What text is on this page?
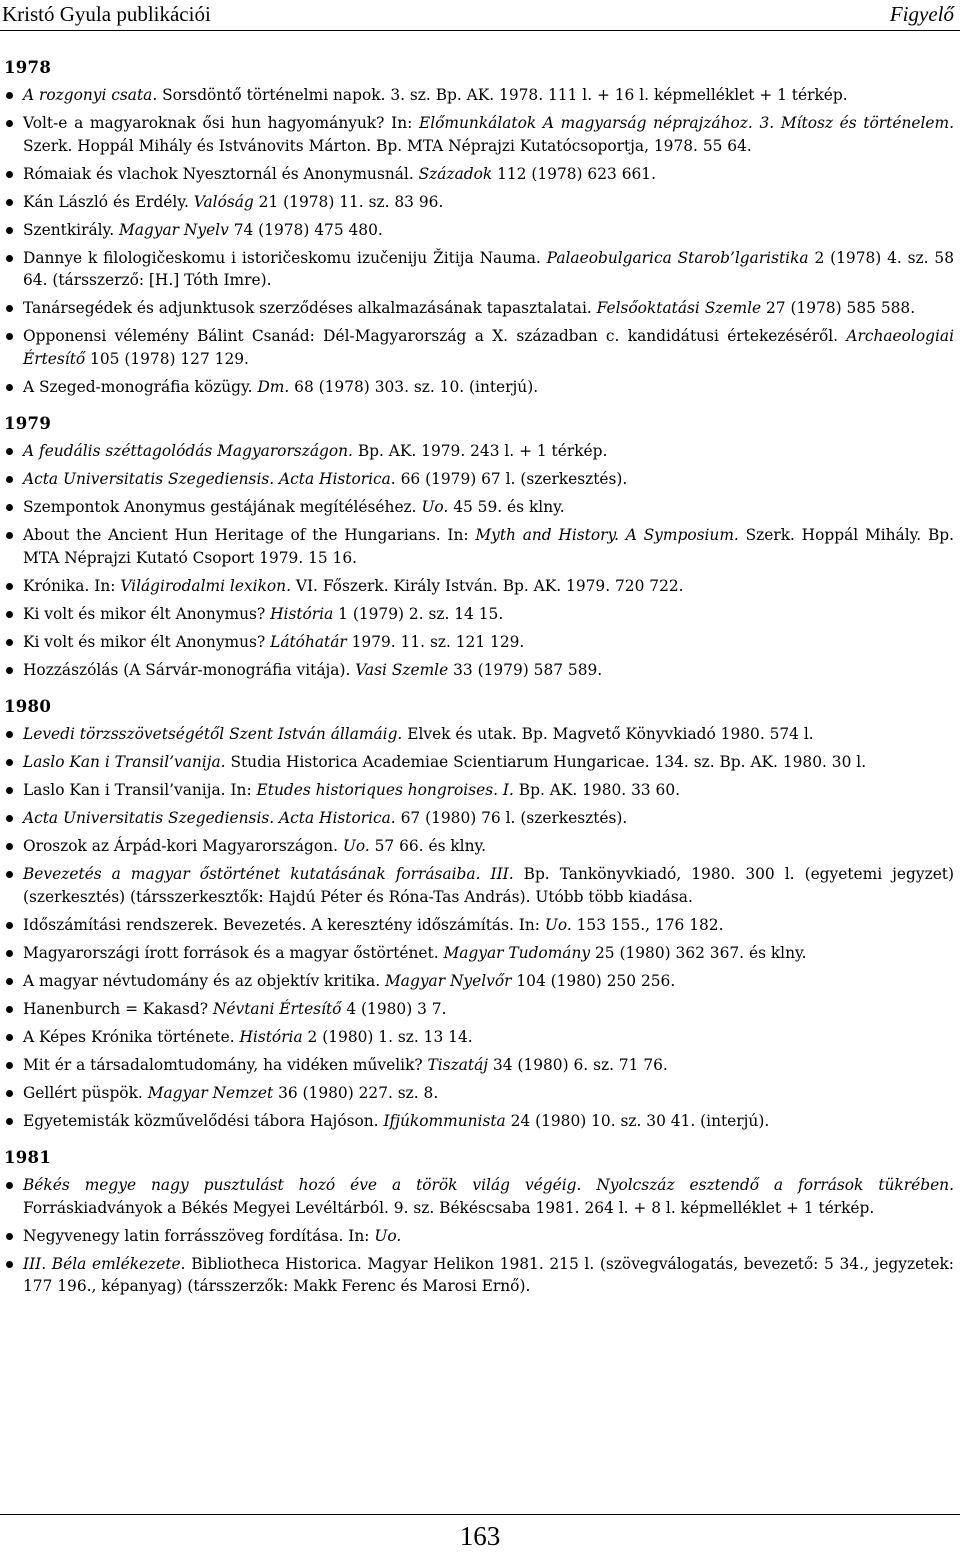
Kristó Gyula publikációi	Figyelő
1978
A rozgonyi csata. Sorsdöntő történelmi napok. 3. sz. Bp. AK. 1978. 111 l. + 16 l. képmelléklet + 1 térkép.
Volt-e a magyaroknak ősi hun hagyományuk? In: Előmunkálatok A magyarság néprajzához. 3. Mítosz és történelem. Szerk. Hoppál Mihály és Istvánovits Márton. Bp. MTA Néprajzi Kutatócsoportja, 1978. 55 64.
Rómaiak és vlachok Nyesztornál és Anonymusnál. Századok 112 (1978) 623 661.
Kán László és Erdély. Valóság 21 (1978) 11. sz. 83 96.
Szentkirály. Magyar Nyelv 74 (1978) 475 480.
Dannye k filologičeskomu i istoričeskomu izučeniju Žitija Nauma. Palaeobulgarica Starob’lgaristika 2 (1978) 4. sz. 58 64. (társszerző: [H.] Tóth Imre).
Tanársegédek és adjunktusok szerződéses alkalmazásának tapasztalatai. Felsőoktatási Szemle 27 (1978) 585 588.
Opponensi vélemény Bálint Csanád: Dél-Magyarország a X. században c. kandidátusi értekezéséről. Archaeologiai Értesítő 105 (1978) 127 129.
A Szeged-monográfia közügy. Dm. 68 (1978) 303. sz. 10. (interjú).
1979
A feudális széttagolódás Magyarországon. Bp. AK. 1979. 243 l. + 1 térkép.
Acta Universitatis Szegediensis. Acta Historica. 66 (1979) 67 l. (szerkesztés).
Szempontok Anonymus gestájának megítéléséhez. Uo. 45 59. és klny.
About the Ancient Hun Heritage of the Hungarians. In: Myth and History. A Symposium. Szerk. Hoppál Mihály. Bp. MTA Néprajzi Kutató Csoport 1979. 15 16.
Krónika. In: Világirodalmi lexikon. VI. Főszerk. Király István. Bp. AK. 1979. 720 722.
Ki volt és mikor élt Anonymus? História 1 (1979) 2. sz. 14 15.
Ki volt és mikor élt Anonymus? Látóhatár 1979. 11. sz. 121 129.
Hozzászólás (A Sárvár-monográfia vitája). Vasi Szemle 33 (1979) 587 589.
1980
Levedi törzsszövetségétől Szent István államáig. Elvek és utak. Bp. Magvető Könyvkiadó 1980. 574 l.
Laslo Kan i Transil’vanija. Studia Historica Academiae Scientiarum Hungaricae. 134. sz. Bp. AK. 1980. 30 l.
Laslo Kan i Transil’vanija. In: Etudes historiques hongroises. I. Bp. AK. 1980. 33 60.
Acta Universitatis Szegediensis. Acta Historica. 67 (1980) 76 l. (szerkesztés).
Oroszok az Árpád-kori Magyarországon. Uo. 57 66. és klny.
Bevezetés a magyar őstörténet kutatásának forrásaiba. III. Bp. Tankönyvkiadó, 1980. 300 l. (egyetemi jegyzet) (szerkesztés) (társszerkesztők: Hajdú Péter és Róna-Tas András). Utóbb több kiadása.
Időszámítási rendszerek. Bevezetés. A keresztény időszámítás. In: Uo. 153 155., 176 182.
Magyarországi írott források és a magyar őstörténet. Magyar Tudomány 25 (1980) 362 367. és klny.
A magyar névtudomány és az objektív kritika. Magyar Nyelvőr 104 (1980) 250 256.
Hanenburch = Kakasd? Névtani Értesítő 4 (1980) 3 7.
A Képes Krónika története. História 2 (1980) 1. sz. 13 14.
Mit ér a társadalomtudomány, ha vidéken művelik? Tiszatáj 34 (1980) 6. sz. 71 76.
Gellért püspök. Magyar Nemzet 36 (1980) 227. sz. 8.
Egyetemisták közművelődési tábora Hajóson. Ifjúkommunista 24 (1980) 10. sz. 30 41. (interjú).
1981
Békés megye nagy pusztulást hozó éve a török világ végéig. Nyolcszáz esztendő a források tükrében. Forráskiadványok a Békés Megyei Levéltárból. 9. sz. Békéscsaba 1981. 264 l. + 8 l. képmelléklet + 1 térkép.
Negyvenegy latin forrásszöveg fordítása. In: Uo.
III. Béla emlékezete. Bibliotheca Historica. Magyar Helikon 1981. 215 l. (szövegválogatás, bevezető: 5 34., jegyzetek: 177 196., képanyag) (társszerzők: Makk Ferenc és Marosi Ernő).
163
